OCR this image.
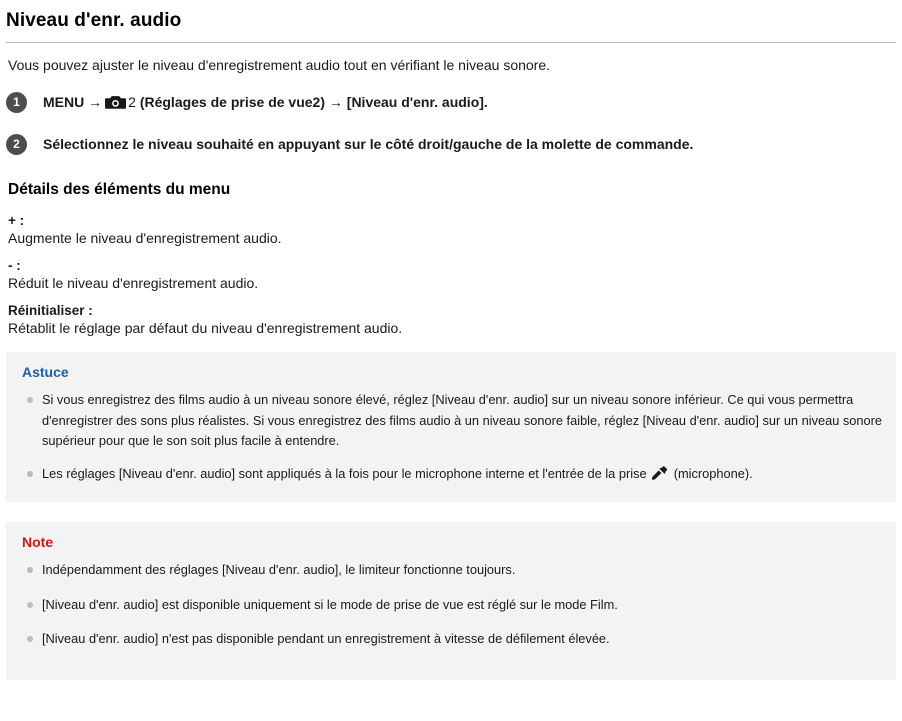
Niveau d'enr. audio

Vous pouvez ajuster le niveau d'enregistrement audio tout en vérifiant le niveau sonore.

1	MENU → 2 (Réglages de prise de vue2) → [Niveau d'enr. audio].
2	Sélectionnez le niveau souhaité en appuyant sur le côté droit/gauche de la molette de commande.
Détails des éléments du menu
+ :
Augmente le niveau d'enregistrement audio.
- :
Réduit le niveau d'enregistrement audio.
Réinitialiser :
Rétablit le réglage par défaut du niveau d'enregistrement audio.
Astuce
Si vous enregistrez des films audio à un niveau sonore élevé, réglez [Niveau d'enr. audio] sur un niveau sonore inférieur. Ce qui vous permettra d'enregistrer des sons plus réalistes. Si vous enregistrez des films audio à un niveau sonore faible, réglez [Niveau d'enr. audio] sur un niveau sonore supérieur pour que le son soit plus facile à entendre.
Les réglages [Niveau d'enr. audio] sont appliqués à la fois pour le microphone interne et l'entrée de la prise (microphone).
Note
Indépendamment des réglages [Niveau d'enr. audio], le limiteur fonctionne toujours.
[Niveau d'enr. audio] est disponible uniquement si le mode de prise de vue est réglé sur le mode Film.
[Niveau d'enr. audio] n'est pas disponible pendant un enregistrement à vitesse de défilement élevée.
